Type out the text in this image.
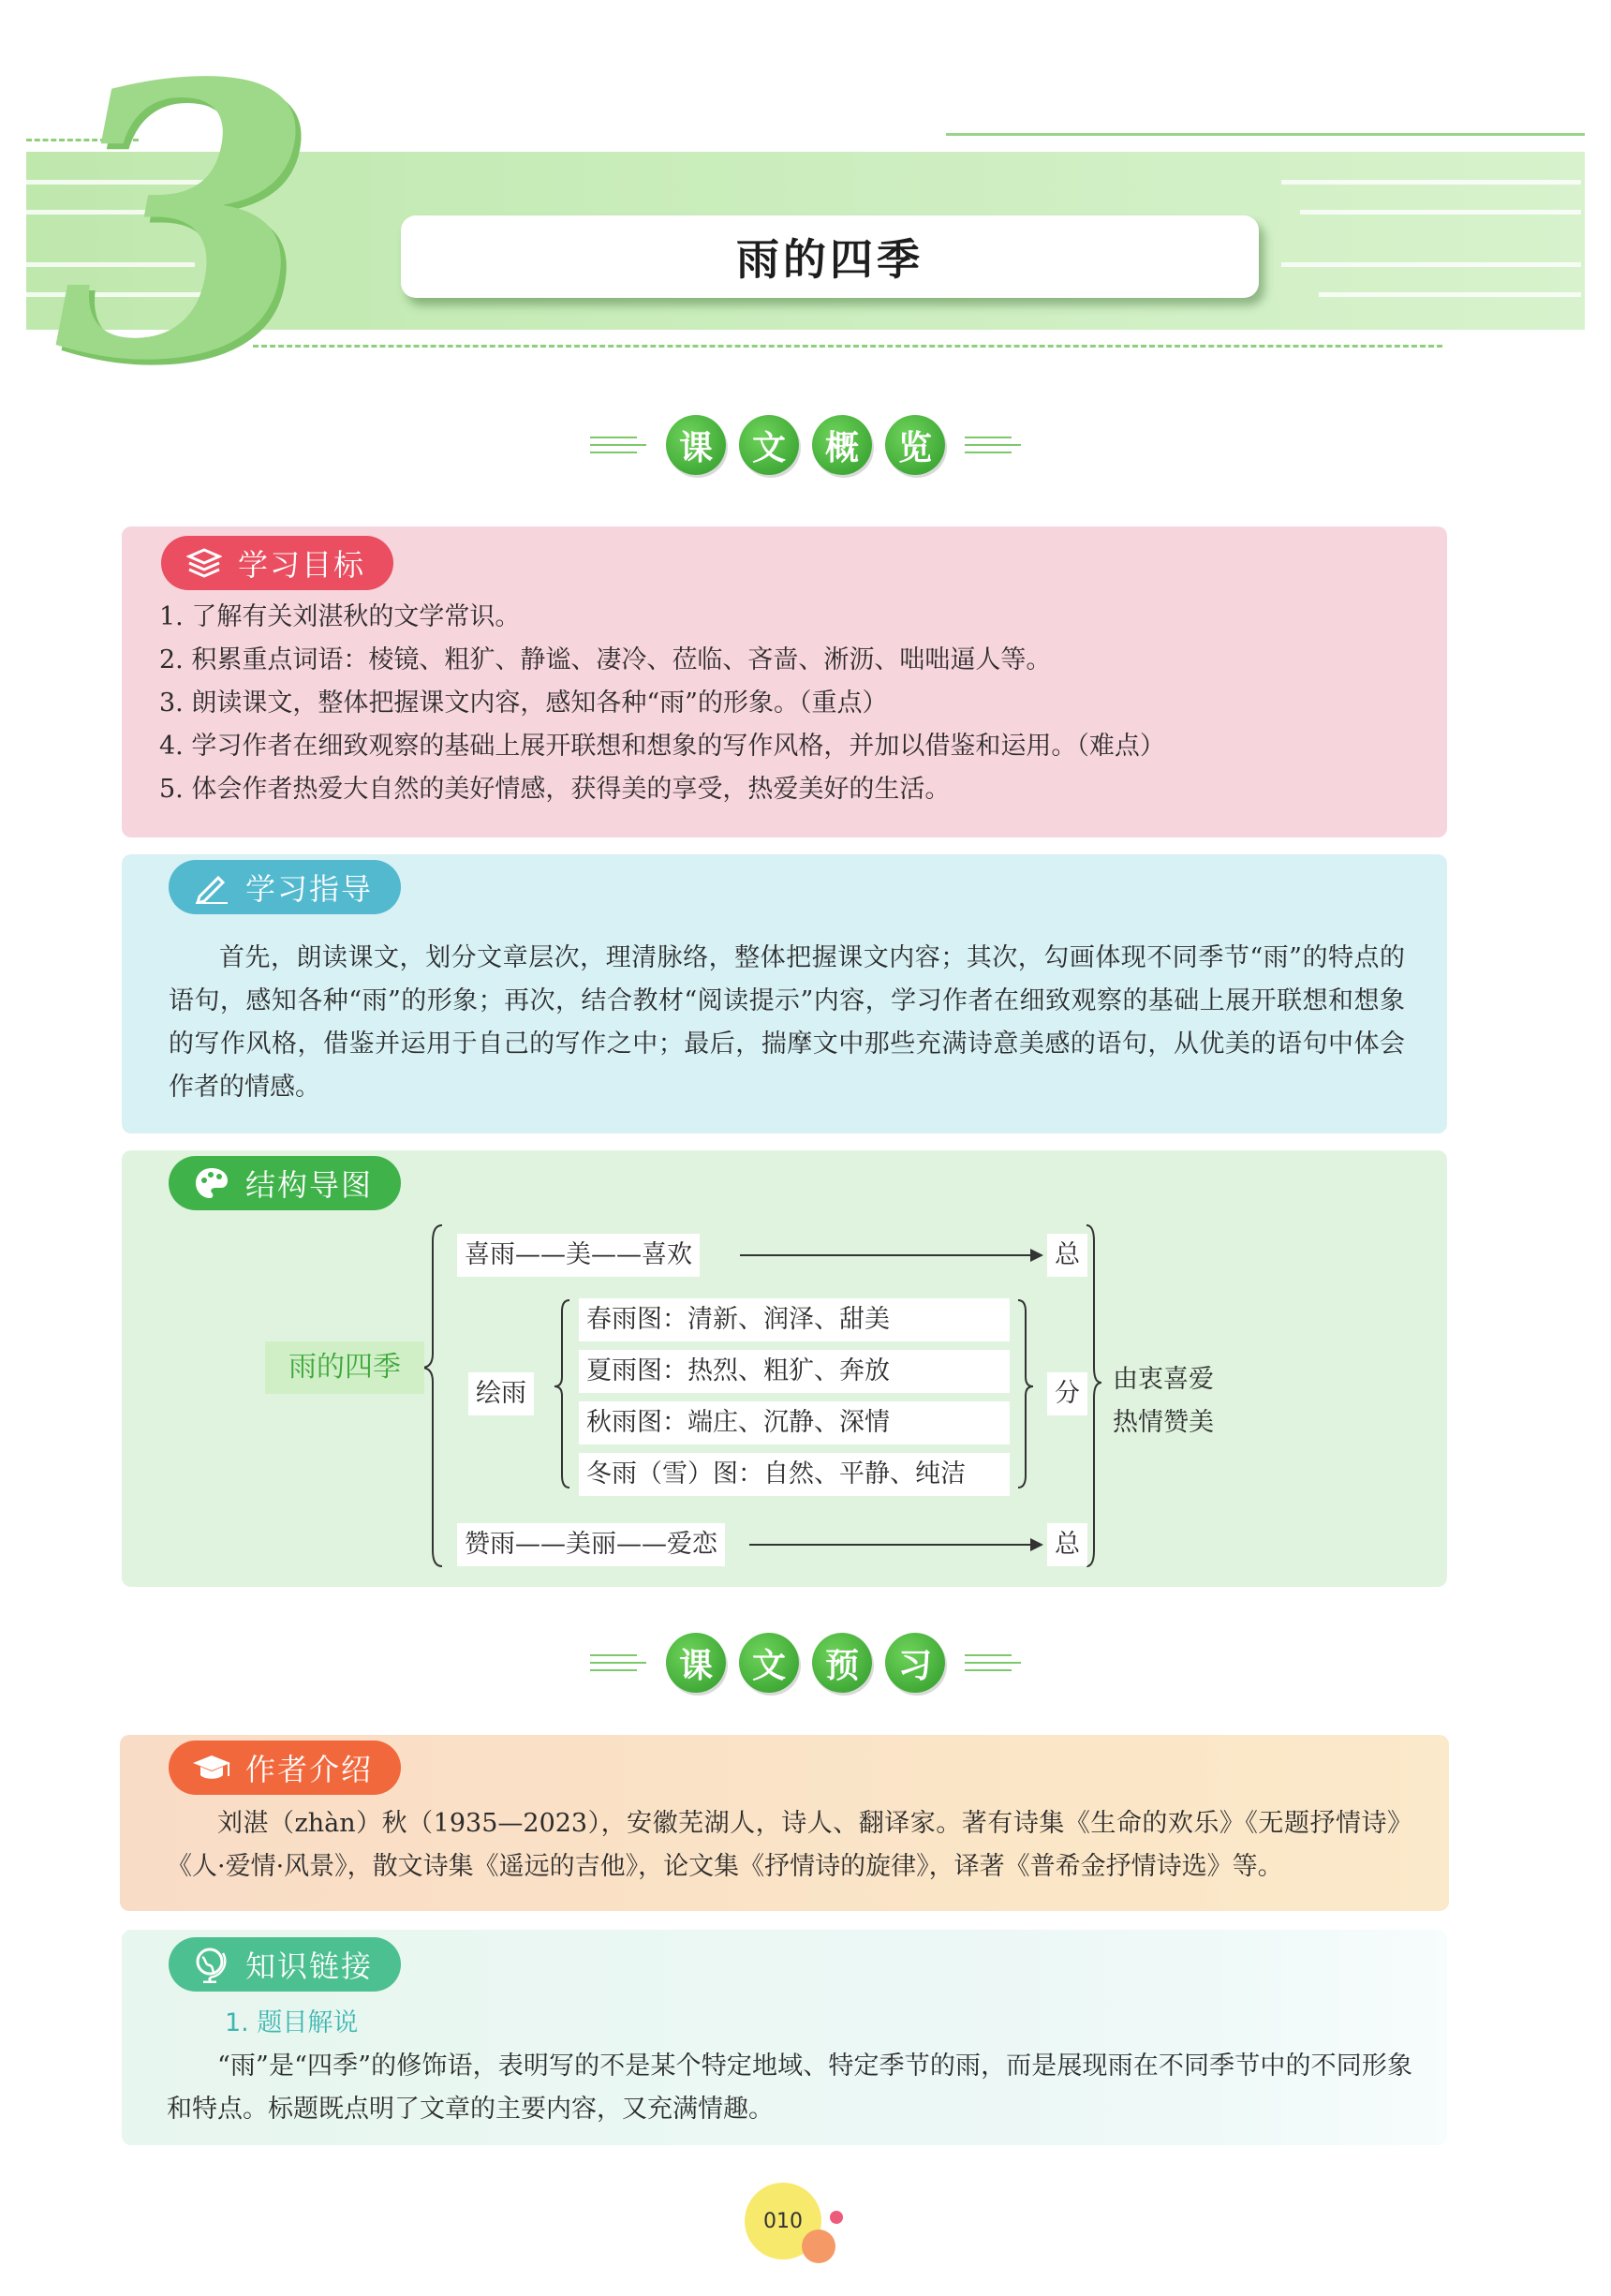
3	雨的四季
课	文	概	览
学习目标
1. 了解有关刘湛秋的文学常识。
2. 积累重点词语：棱镜、粗犷、静谧、凄冷、莅临、吝啬、淅沥、咄咄逼人等。
3. 朗读课文，整体把握课文内容，感知各种“雨”的形象。（重点）
4. 学习作者在细致观察的基础上展开联想和想象的写作风格，并加以借鉴和运用。（难点）
5. 体会作者热爱大自然的美好情感，获得美的享受，热爱美好的生活。
学习指导
首先，朗读课文，划分文章层次，理清脉络，整体把握课文内容；其次，勾画体现不同季节“雨”的特点的语句，感知各种“雨”的形象；再次，结合教材“阅读提示”内容，学习作者在细致观察的基础上展开联想和想象的写作风格，借鉴并运用于自己的写作之中；最后，揣摩文中那些充满诗意美感的语句，从优美的语句中体会作者的情感。
结构导图
雨的四季
喜雨——美——喜欢
绘雨
春雨图：清新、润泽、甜美
夏雨图：热烈、粗犷、奔放
秋雨图：端庄、沉静、深情
冬雨（雪）图：自然、平静、纯洁
赞雨——美丽——爱恋
总
分
总
由衷喜爱
热情赞美
课	文	预	习
作者介绍
刘湛（zhàn）秋（1935—2023），安徽芜湖人，诗人、翻译家。著有诗集《生命的欢乐》《无题抒情诗》《人·爱情·风景》，散文诗集《遥远的吉他》，论文集《抒情诗的旋律》，译著《普希金抒情诗选》等。
知识链接
1. 题目解说
“雨”是“四季”的修饰语，表明写的不是某个特定地域、特定季节的雨，而是展现雨在不同季节中的不同形象和特点。标题既点明了文章的主要内容，又充满情趣。
010
